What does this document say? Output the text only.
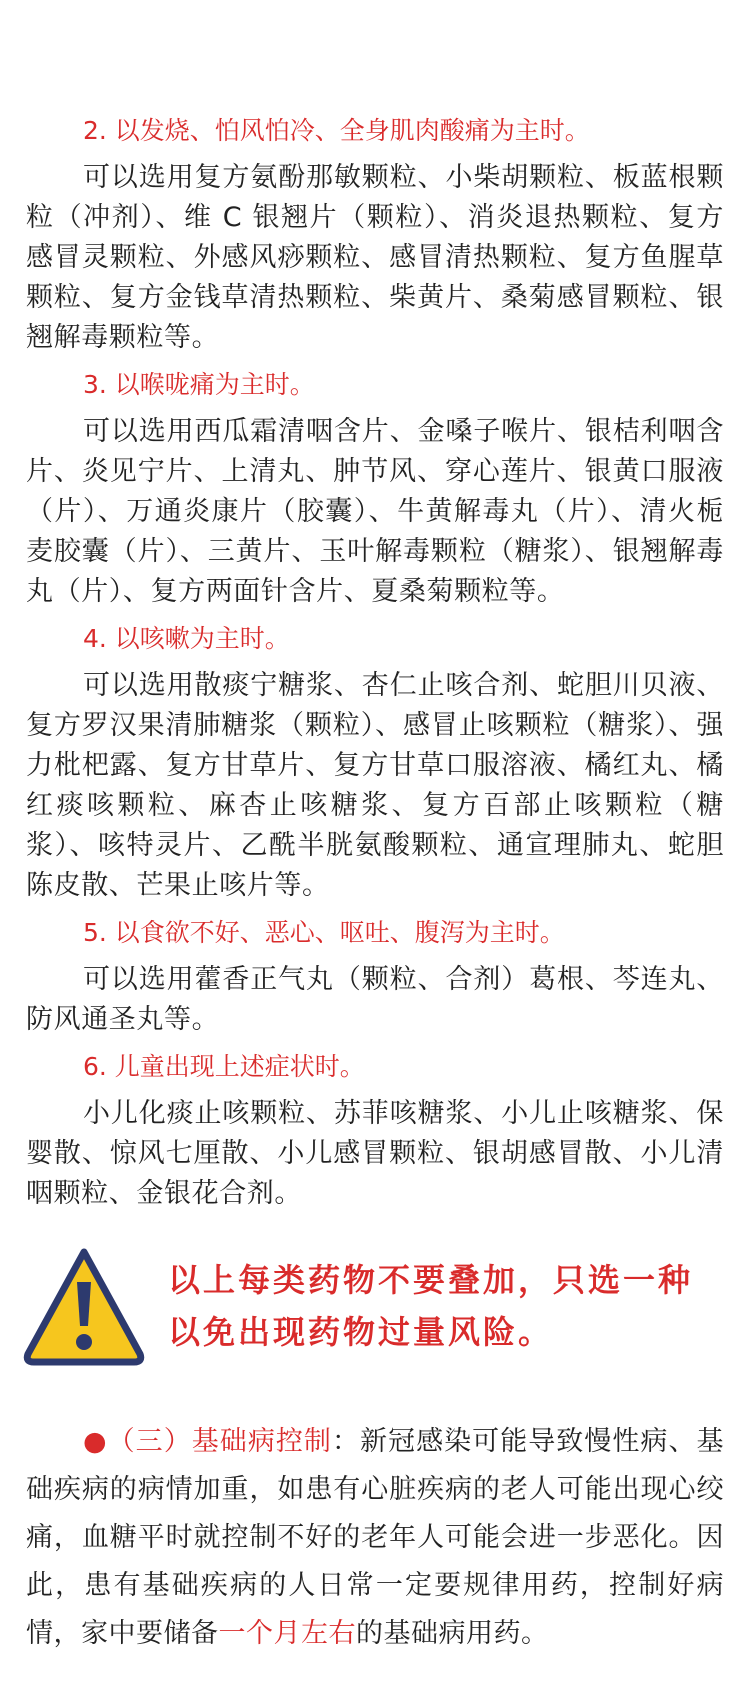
2. 以发烧、怕风怕冷、全身肌肉酸痛为主时。

可以选用复方氨酚那敏颗粒、小柴胡颗粒、板蓝根颗粒（冲剂）、维 C 银翘片（颗粒）、消炎退热颗粒、复方感冒灵颗粒、外感风痧颗粒、感冒清热颗粒、复方鱼腥草颗粒、复方金钱草清热颗粒、柴黄片、桑菊感冒颗粒、银翘解毒颗粒等。

3. 以喉咙痛为主时。

可以选用西瓜霜清咽含片、金嗓子喉片、银桔利咽含片、炎见宁片、上清丸、肿节风、穿心莲片、银黄口服液（片）、万通炎康片（胶囊）、牛黄解毒丸（片）、清火栀麦胶囊（片）、三黄片、玉叶解毒颗粒（糖浆）、银翘解毒丸（片）、复方两面针含片、夏桑菊颗粒等。

4. 以咳嗽为主时。

可以选用散痰宁糖浆、杏仁止咳合剂、蛇胆川贝液、复方罗汉果清肺糖浆（颗粒）、感冒止咳颗粒（糖浆）、强力枇杷露、复方甘草片、复方甘草口服溶液、橘红丸、橘红痰咳颗粒、麻杏止咳糖浆、复方百部止咳颗粒（糖浆）、咳特灵片、乙酰半胱氨酸颗粒、通宣理肺丸、蛇胆陈皮散、芒果止咳片等。

5. 以食欲不好、恶心、呕吐、腹泻为主时。

可以选用藿香正气丸（颗粒、合剂）葛根、芩连丸、防风通圣丸等。

6. 儿童出现上述症状时。

小儿化痰止咳颗粒、苏菲咳糖浆、小儿止咳糖浆、保婴散、惊风七厘散、小儿感冒颗粒、银胡感冒散、小儿清咽颗粒、金银花合剂。

以上每类药物不要叠加，只选一种
以免出现药物过量风险。

●（三）基础病控制：新冠感染可能导致慢性病、基础疾病的病情加重，如患有心脏疾病的老人可能出现心绞痛，血糖平时就控制不好的老年人可能会进一步恶化。因此，患有基础疾病的人日常一定要规律用药，控制好病情，家中要储备一个月左右的基础病用药。
